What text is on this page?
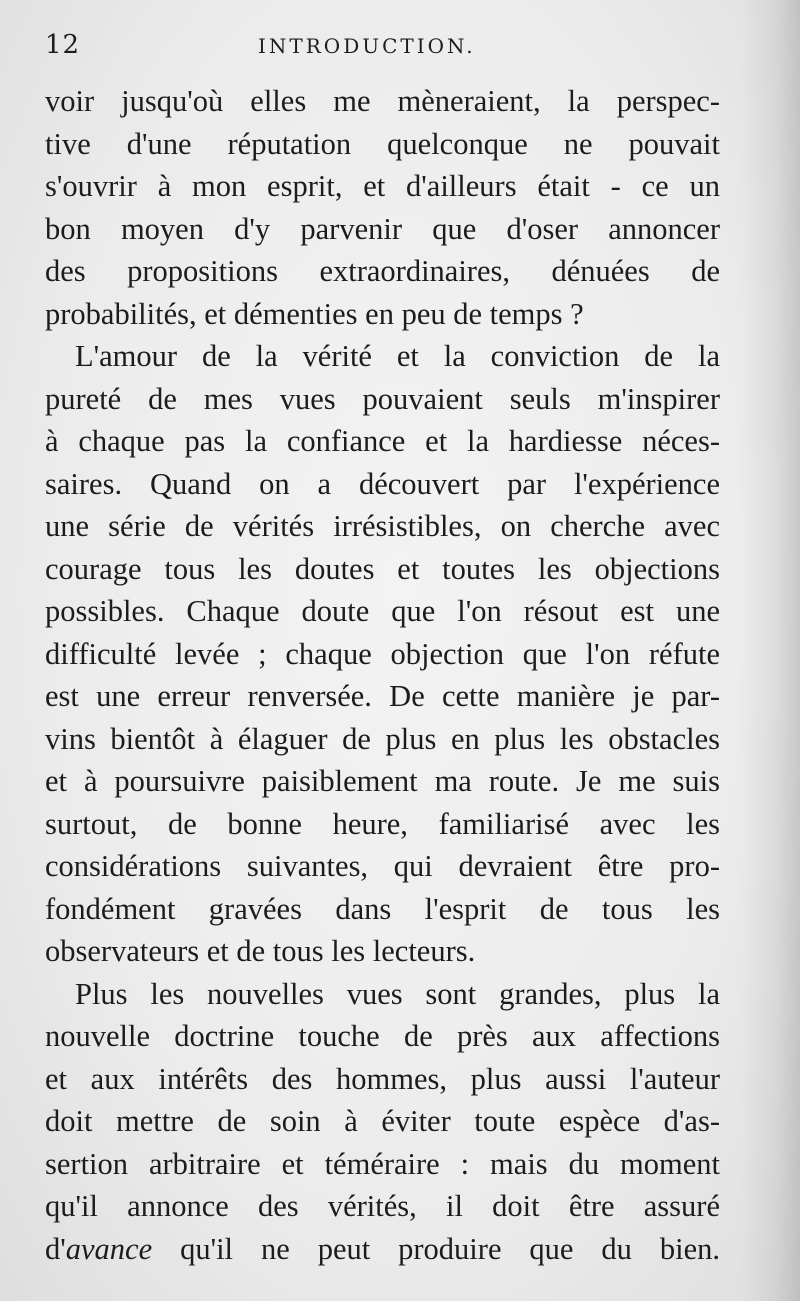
12	INTRODUCTION.
voir jusqu'où elles me mèneraient, la perspec-
tive d'une réputation quelconque ne pouvait
s'ouvrir à mon esprit, et d'ailleurs était - ce un
bon moyen d'y parvenir que d'oser annoncer
des propositions extraordinaires, dénuées de
probabilités, et démenties en peu de temps ?
L'amour de la vérité et la conviction de la
pureté de mes vues pouvaient seuls m'inspirer
à chaque pas la confiance et la hardiesse néces-
saires. Quand on a découvert par l'expérience
une série de vérités irrésistibles, on cherche avec
courage tous les doutes et toutes les objections
possibles. Chaque doute que l'on résout est une
difficulté levée ; chaque objection que l'on réfute
est une erreur renversée. De cette manière je par-
vins bientôt à élaguer de plus en plus les obstacles
et à poursuivre paisiblement ma route. Je me suis
surtout, de bonne heure, familiarisé avec les
considérations suivantes, qui devraient être pro-
fondément gravées dans l'esprit de tous les
observateurs et de tous les lecteurs.
Plus les nouvelles vues sont grandes, plus la
nouvelle doctrine touche de près aux affections
et aux intérêts des hommes, plus aussi l'auteur
doit mettre de soin à éviter toute espèce d'as-
sertion arbitraire et téméraire : mais du moment
qu'il annonce des vérités, il doit être assuré
d'avance qu'il ne peut produire que du bien.
